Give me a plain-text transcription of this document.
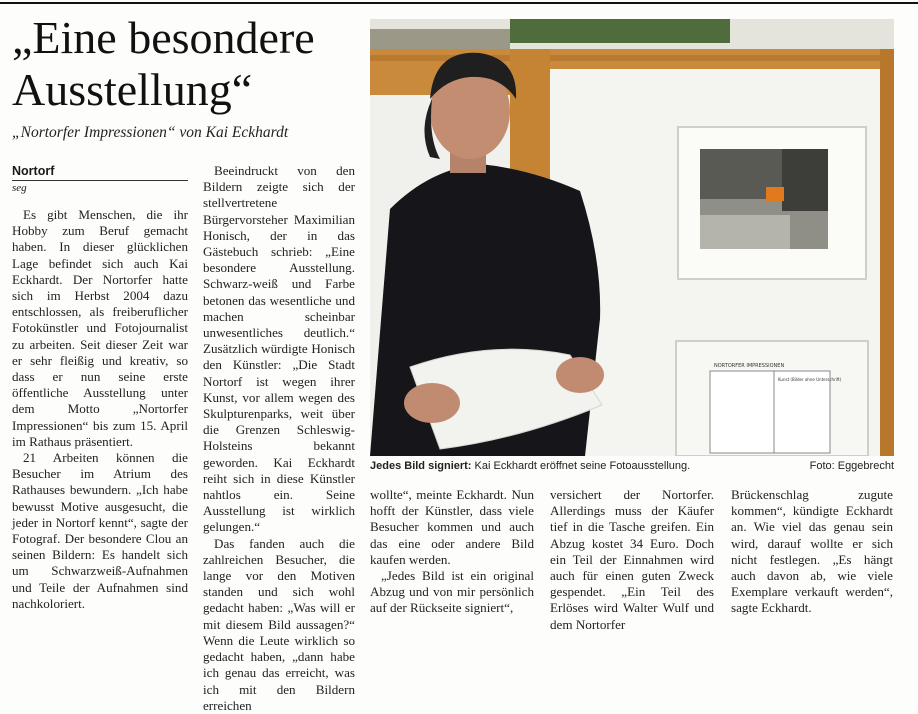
„Eine besondere
Ausstellung“
„Nortorfer Impressionen“ von Kai Eckhardt
Nortorf
seg

Es gibt Menschen, die ihr Hobby zum Beruf gemacht haben. In dieser glücklichen Lage befindet sich auch Kai Eckhardt. Der Nortorfer hatte sich im Herbst 2004 dazu entschlossen, als freiberuflicher Fotokünstler und Fotojournalist zu arbeiten. Seit dieser Zeit war er sehr fleißig und kreativ, so dass er nun seine erste öffentliche Ausstellung unter dem Motto „Nortorfer Impressionen“ bis zum 15. April im Rathaus präsentiert.

21 Arbeiten können die Besucher im Atrium des Rathauses bewundern. „Ich habe bewusst Motive ausgesucht, die jeder in Nortorf kennt“, sagte der Fotograf. Der besondere Clou an seinen Bildern: Es handelt sich um Schwarzweiß-Aufnahmen und Teile der Aufnahmen sind nachkoloriert.

Beeindruckt von den Bildern zeigte sich der stellvertretene Bürgervorsteher Maximilian Honisch, der in das Gästebuch schrieb: „Eine besondere Ausstellung. Schwarz-weiß und Farbe betonen das wesentliche und machen scheinbar unwesentliches deutlich.“ Zusätzlich würdigte Honisch den Künstler: „Die Stadt Nortorf ist wegen ihrer Kunst, vor allem wegen des Skulpturenparks, weit über die Grenzen Schleswig-Holsteins bekannt geworden. Kai Eckhardt reiht sich in diese Künstler nahtlos ein. Seine Ausstellung ist wirklich gelungen.“

Das fanden auch die zahlreichen Besucher, die lange vor den Motiven standen und sich wohl gedacht haben: „Was will er mit diesem Bild aussagen?“ Wenn die Leute wirklich so gedacht haben, „dann habe ich genau das erreicht, was ich mit den Bildern erreichen

NORTORFER IMPRESSIONEN
Kunst (Bilder ohne Unterschrift)
Jedes Bild signiert: Kai Eckhardt eröffnet seine Fotoausstellung.	Foto: Eggebrecht

wollte“, meinte Eckhardt. Nun hofft der Künstler, dass viele Besucher kommen und auch das eine oder andere Bild kaufen werden.

„Jedes Bild ist ein original Abzug und von mir persönlich auf der Rückseite signiert“,

versichert der Nortorfer. Allerdings muss der Käufer tief in die Tasche greifen. Ein Abzug kostet 34 Euro. Doch ein Teil der Einnahmen wird auch für einen guten Zweck gespendet. „Ein Teil des Erlöses wird Walter Wulf und dem Nortorfer

Brückenschlag zugute kommen“, kündigte Eckhardt an. Wie viel das genau sein wird, darauf wollte er sich nicht festlegen. „Es hängt auch davon ab, wie viele Exemplare verkauft werden“, sagte Eckhardt.
